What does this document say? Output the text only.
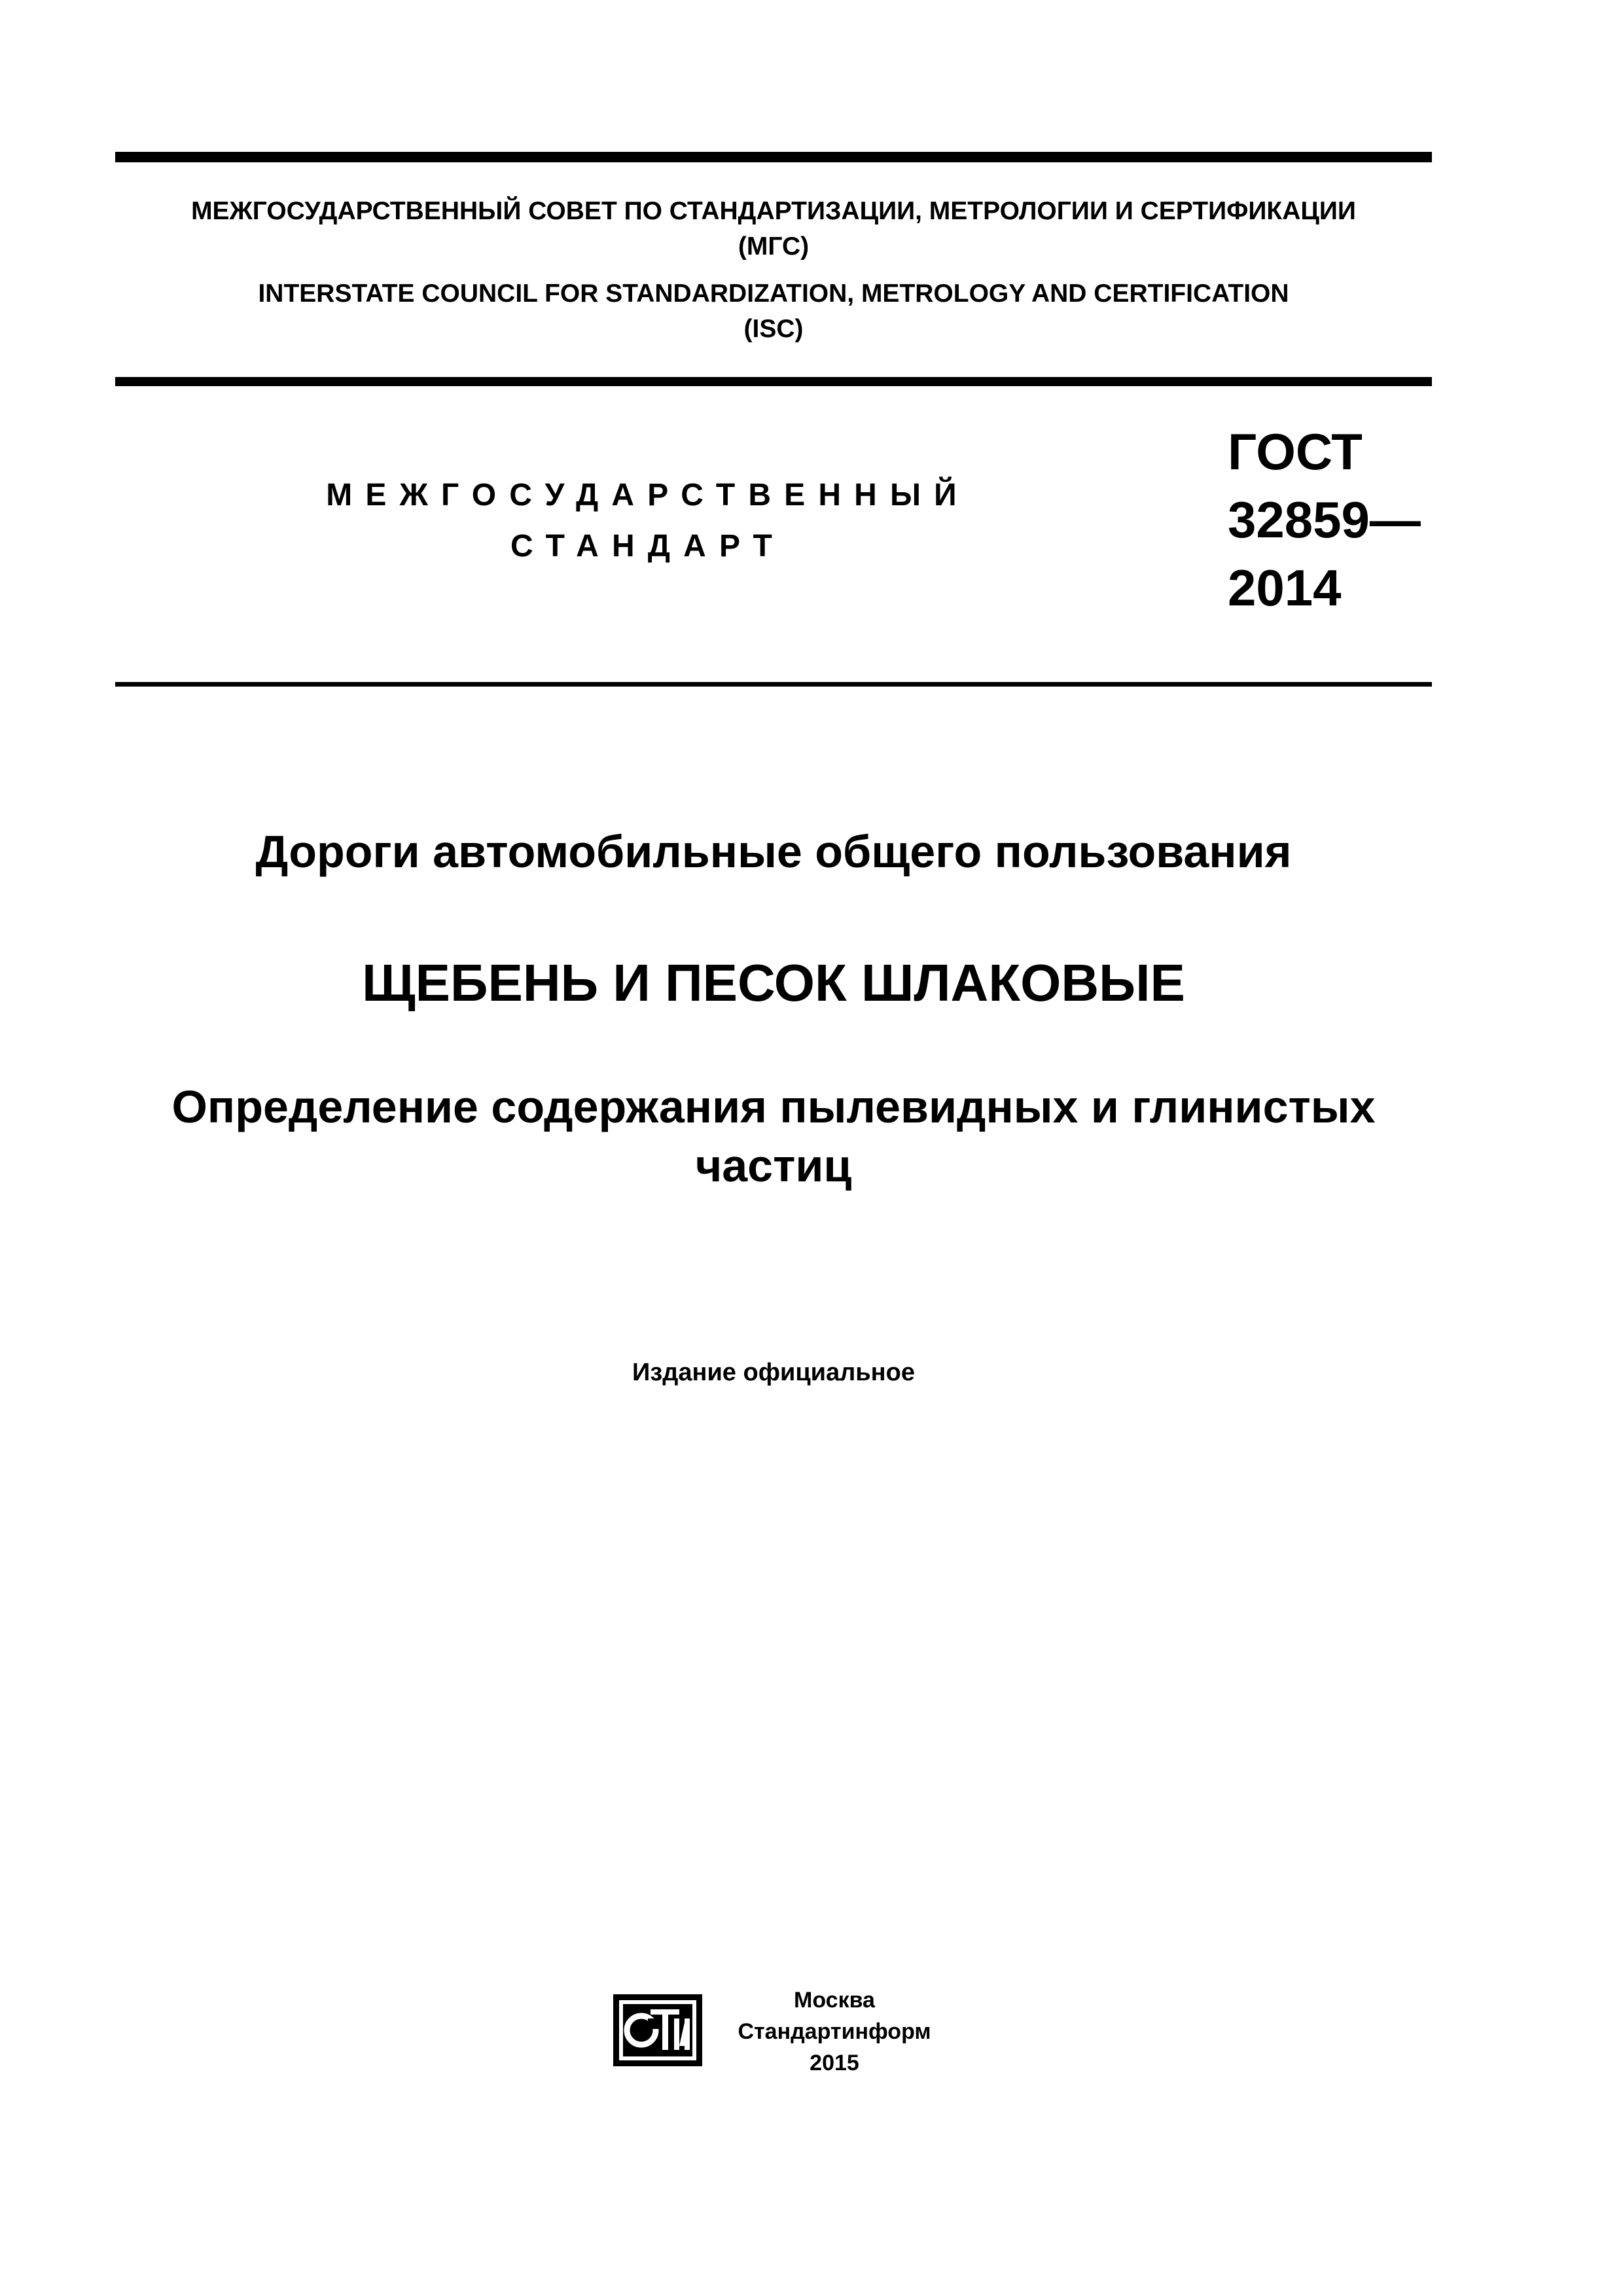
МЕЖГОСУДАРСТВЕННЫЙ СОВЕТ ПО СТАНДАРТИЗАЦИИ, МЕТРОЛОГИИ И СЕРТИФИКАЦИИ
(МГС)
INTERSTATE COUNCIL FOR STANDARDIZATION, METROLOGY AND CERTIFICATION
(ISC)
МЕЖГОСУДАРСТВЕННЫЙ
СТАНДАРТ
ГОСТ
32859—
2014
Дороги автомобильные общего пользования
ЩЕБЕНЬ И ПЕСОК ШЛАКОВЫЕ
Определение содержания пылевидных и глинистых
частиц
Издание официальное
Москва
Стандартинформ
2015
